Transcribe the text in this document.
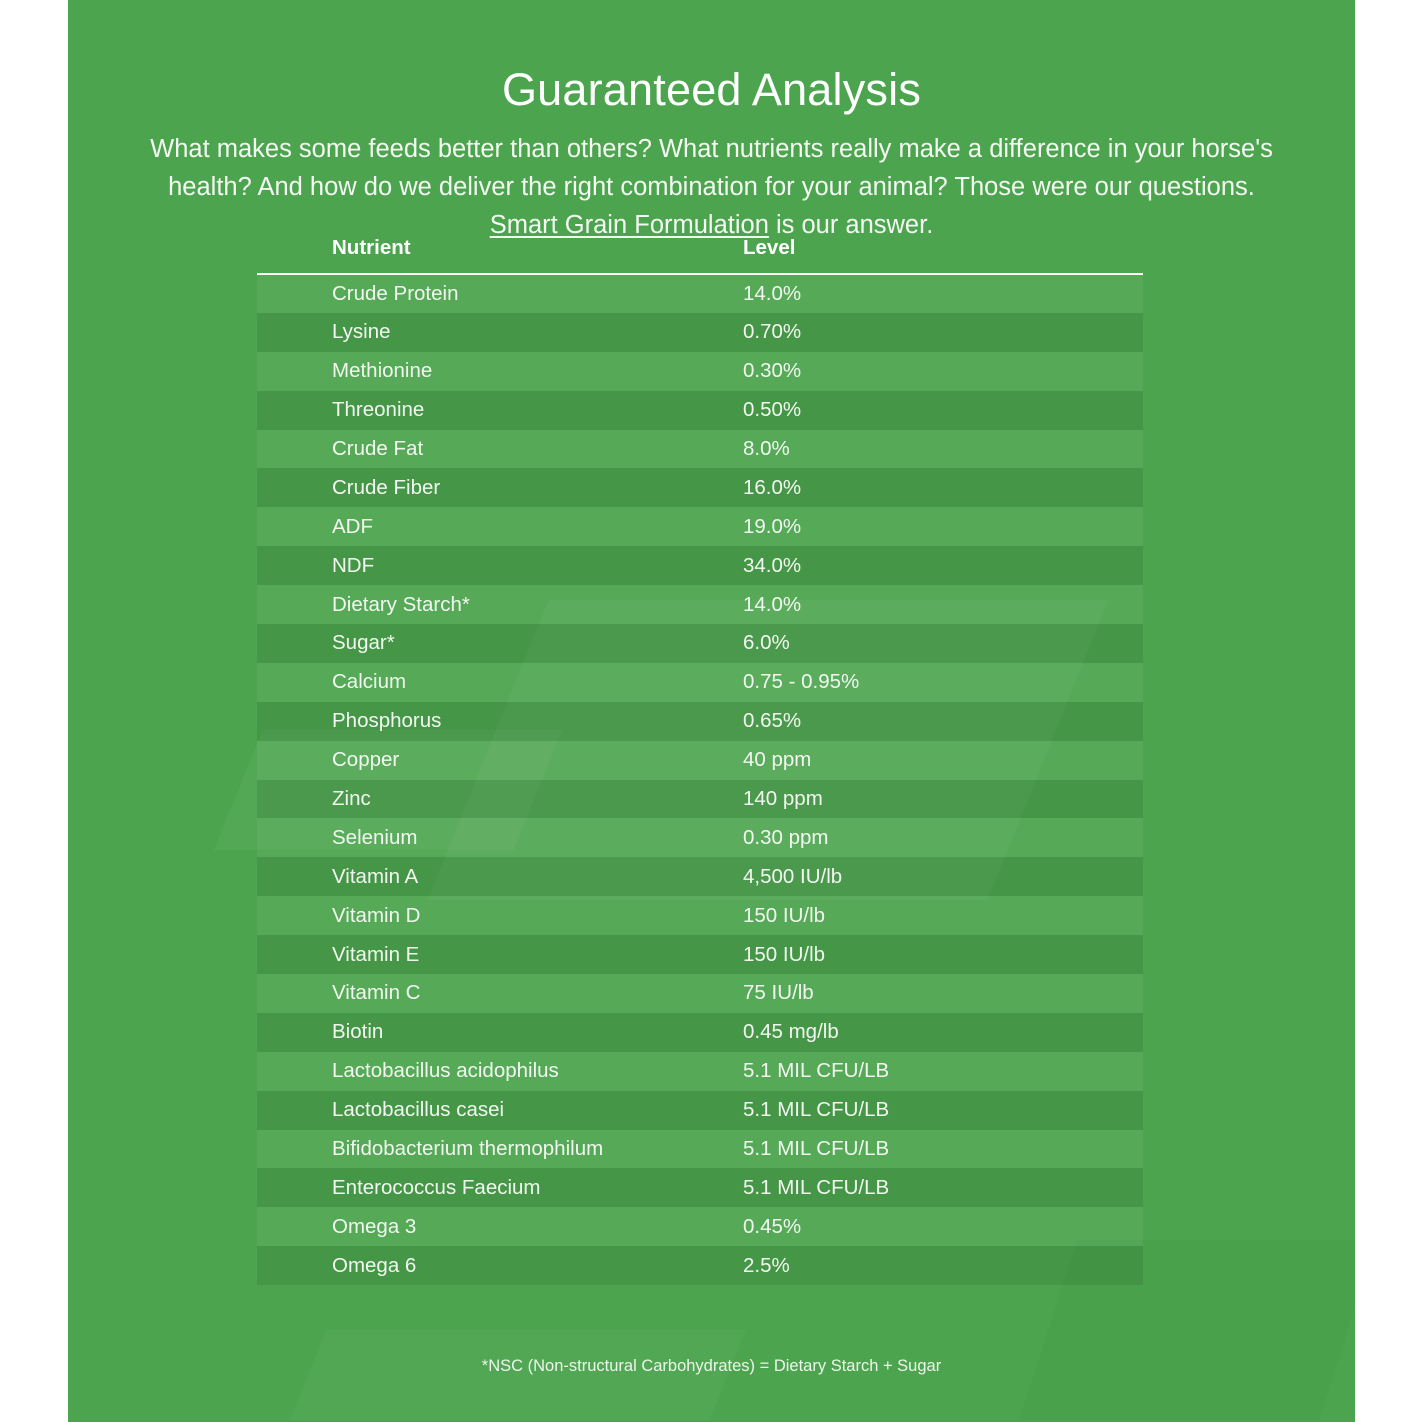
Guaranteed Analysis

What makes some feeds better than others? What nutrients really make a difference in your horse's health? And how do we deliver the right combination for your animal? Those were our questions. Smart Grain Formulation is our answer.

Nutrient	Level
Crude Protein	14.0%
Lysine	0.70%
Methionine	0.30%
Threonine	0.50%
Crude Fat	8.0%
Crude Fiber	16.0%
ADF	19.0%
NDF	34.0%
Dietary Starch*	14.0%
Sugar*	6.0%
Calcium	0.75 - 0.95%
Phosphorus	0.65%
Copper	40 ppm
Zinc	140 ppm
Selenium	0.30 ppm
Vitamin A	4,500 IU/lb
Vitamin D	150 IU/lb
Vitamin E	150 IU/lb
Vitamin C	75 IU/lb
Biotin	0.45 mg/lb
Lactobacillus acidophilus	5.1 MIL CFU/LB
Lactobacillus casei	5.1 MIL CFU/LB
Bifidobacterium thermophilum	5.1 MIL CFU/LB
Enterococcus Faecium	5.1 MIL CFU/LB
Omega 3	0.45%
Omega 6	2.5%
*NSC (Non-structural Carbohydrates) = Dietary Starch + Sugar
